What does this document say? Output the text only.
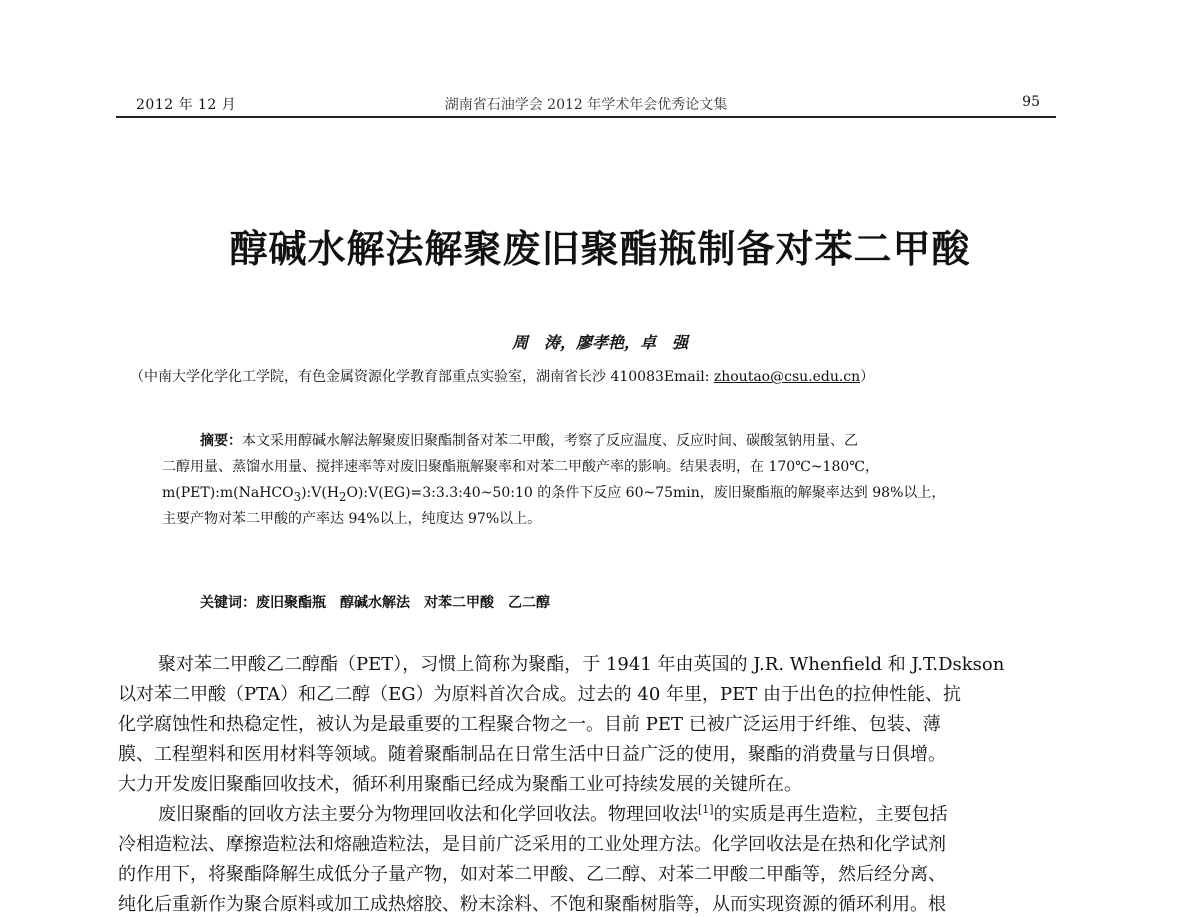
2012 年 12 月	湖南省石油学会 2012 年学术年会优秀论文集	95
醇碱水解法解聚废旧聚酯瓶制备对苯二甲酸
周　涛，廖孝艳，卓　强
（中南大学化学化工学院，有色金属资源化学教育部重点实验室，湖南省长沙 410083Email: zhoutao@csu.edu.cn）
摘要：本文采用醇碱水解法解聚废旧聚酯制备对苯二甲酸，考察了反应温度、反应时间、碳酸氢钠用量、乙
二醇用量、蒸馏水用量、搅拌速率等对废旧聚酯瓶解聚率和对苯二甲酸产率的影响。结果表明，在 170℃~180℃，
$m(PET):m(NaHCO_3):V(H_2O):V(EG)=3:3.3:40\sim 50:10$ 的条件下反应 60~75min，废旧聚酯瓶的解聚率达到 98%以上，
主要产物对苯二甲酸的产率达 94%以上，纯度达 97%以上。
关键词：废旧聚酯瓶 醇碱水解法 对苯二甲酸 乙二醇
聚对苯二甲酸乙二醇酯（PET），习惯上简称为聚酯，于 1941 年由英国的 J.R. Whenfield 和 J.T.Dskson
以对苯二甲酸（PTA）和乙二醇（EG）为原料首次合成。过去的 40 年里，PET 由于出色的拉伸性能、抗
化学腐蚀性和热稳定性，被认为是最重要的工程聚合物之一。目前 PET 已被广泛运用于纤维、包装、薄
膜、工程塑料和医用材料等领域。随着聚酯制品在日常生活中日益广泛的使用，聚酯的消费量与日俱增。
大力开发废旧聚酯回收技术，循环利用聚酯已经成为聚酯工业可持续发展的关键所在。
废旧聚酯的回收方法主要分为物理回收法和化学回收法。物理回收法[1]的实质是再生造粒，主要包括
冷相造粒法、摩擦造粒法和熔融造粒法，是目前广泛采用的工业处理方法。化学回收法是在热和化学试剂
的作用下，将聚酯降解生成低分子量产物，如对苯二甲酸、乙二醇、对苯二甲酸二甲酯等，然后经分离、
纯化后重新作为聚合原料或加工成热熔胶、粉末涂料、不饱和聚酯树脂等，从而实现资源的循环利用。根
